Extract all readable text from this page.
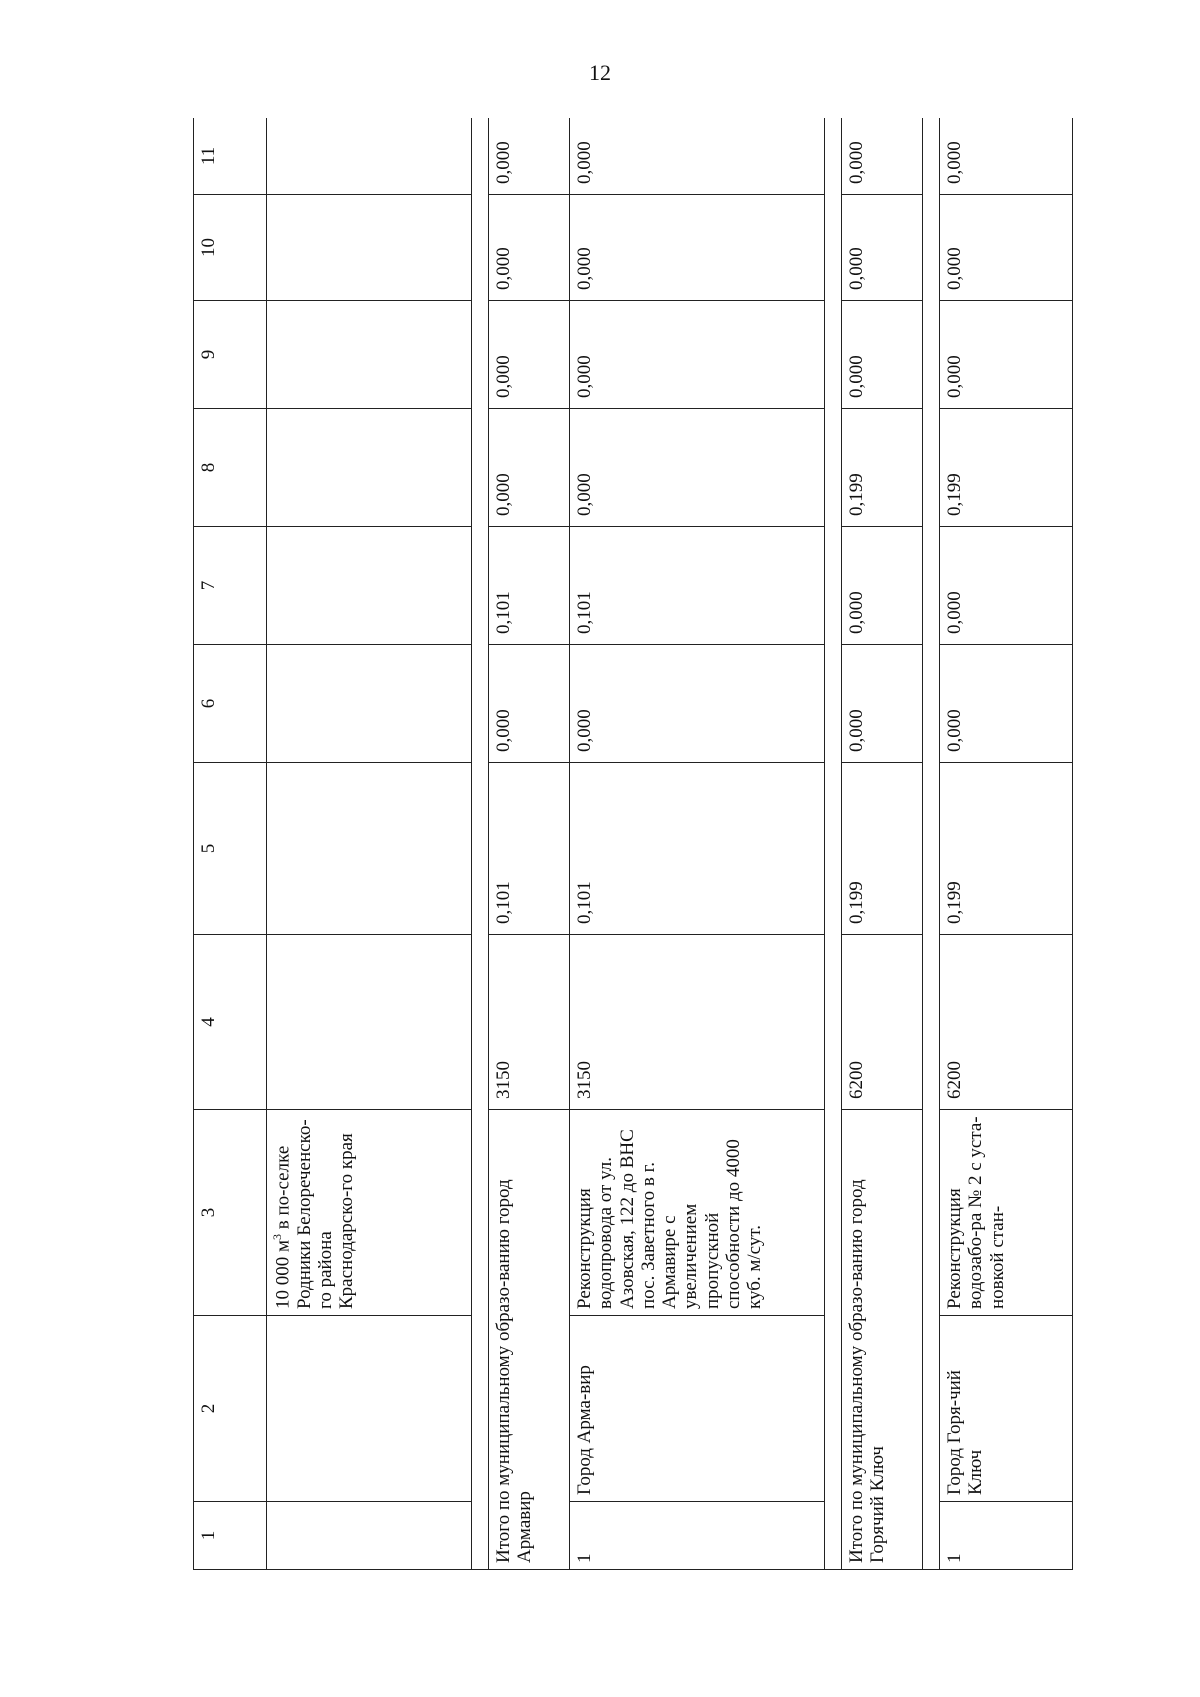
12
1	2	3	4	5	6	7	8	9	10	11
		10 000 $м^3$ в по-селке Родники Белореченско-го района Краснодарско-го края								

Итого по муниципальному образо-ванию город Армавир			3150	0,101	0,000	0,101	0,000	0,000	0,000	0,000
1	Город Арма-вир	Реконструкция водопровода от ул. Азовская, 122 до ВНС пос. Заветного в г. Армавире с увеличением пропускной способности до 4000 куб. м/сут.	3150	0,101	0,000	0,101	0,000	0,000	0,000	0,000

Итого по муниципальному образо-ванию город Горячий Ключ			6200	0,199	0,000	0,000	0,199	0,000	0,000	0,000

1	Город Горя-чий Ключ	Реконструкция водозабо-ра № 2 с уста-новкой стан-	6200	0,199	0,000	0,000	0,199	0,000	0,000	0,000
